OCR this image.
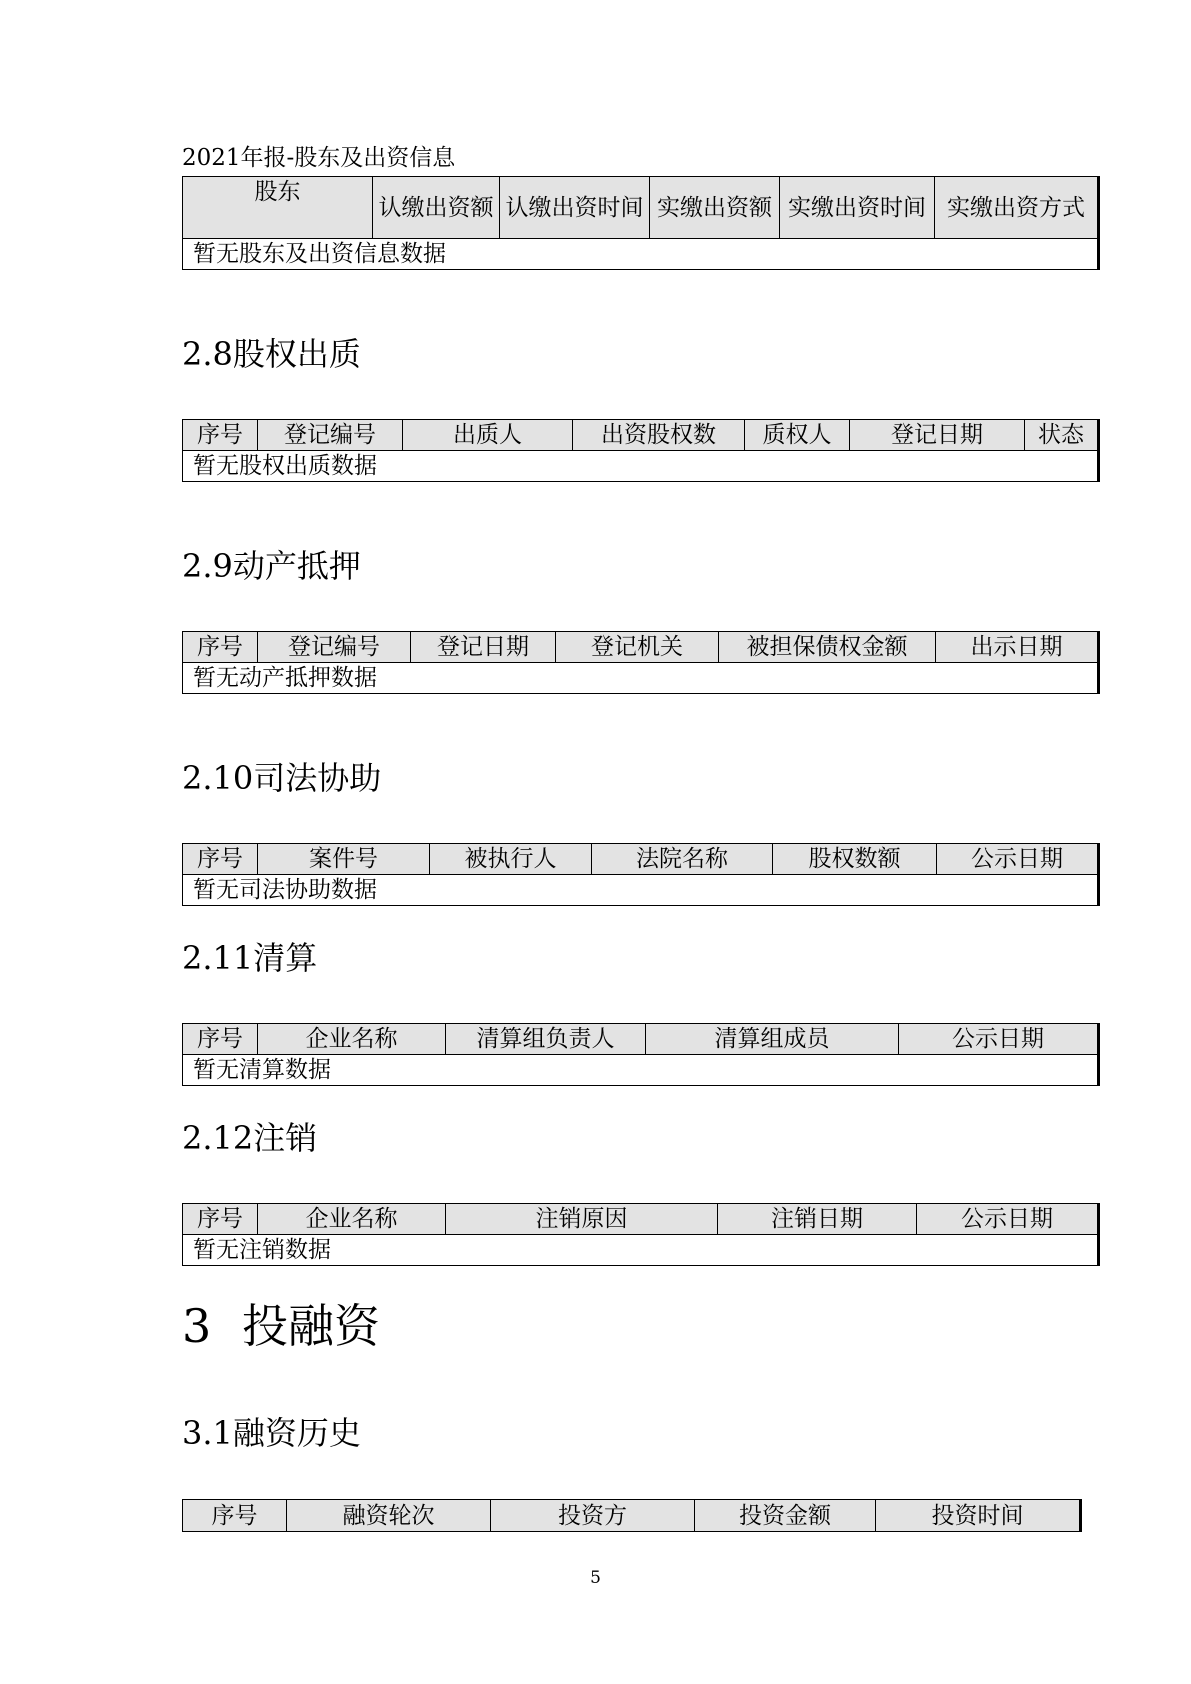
2021年报-股东及出资信息
股东	认缴出资额	认缴出资时间	实缴出资额	实缴出资时间	实缴出资方式
暂无股东及出资信息数据
2.8股权出质
序号	登记编号	出质人	出资股权数	质权人	登记日期	状态
暂无股权出质数据
2.9动产抵押
序号	登记编号	登记日期	登记机关	被担保债权金额	出示日期
暂无动产抵押数据
2.10司法协助
序号	案件号	被执行人	法院名称	股权数额	公示日期
暂无司法协助数据
2.11清算
序号	企业名称	清算组负责人	清算组成员	公示日期
暂无清算数据
2.12注销
序号	企业名称	注销原因	注销日期	公示日期
暂无注销数据
3 投融资
3.1融资历史
序号	融资轮次	投资方	投资金额	投资时间
5
